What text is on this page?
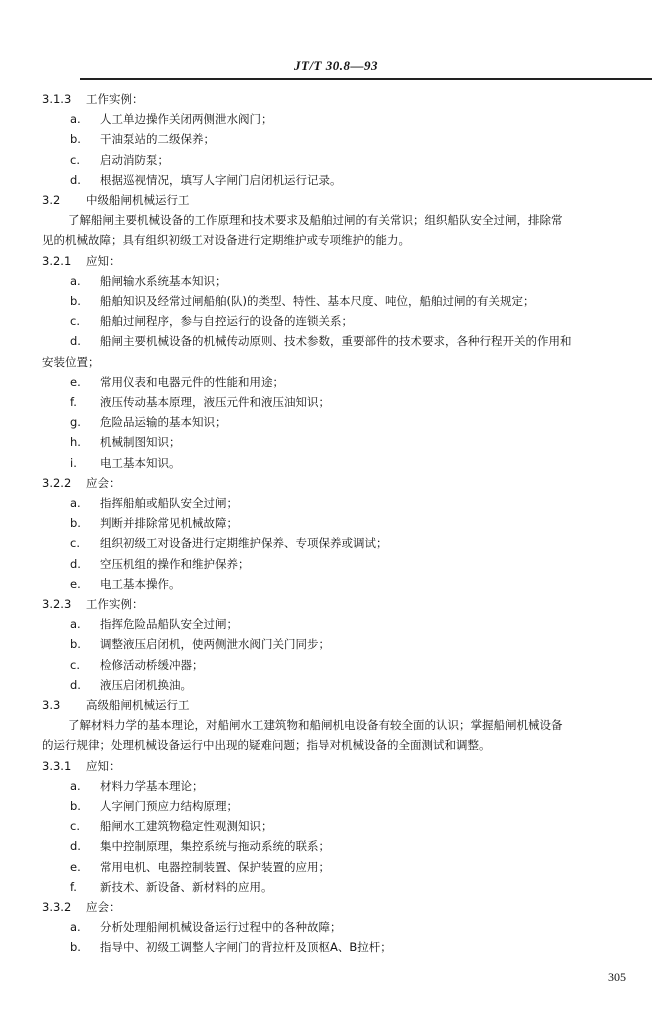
JT/T 30.8—93
3.1.3 工作实例：
a. 人工单边操作关闭两侧泄水阀门；
b. 干油泵站的二级保养；
c. 启动消防泵；
d. 根据巡视情况，填写人字闸门启闭机运行记录。
3.2 中级船闸机械运行工
了解船闸主要机械设备的工作原理和技术要求及船舶过闸的有关常识；组织船队安全过闸，排除常
见的机械故障；具有组织初级工对设备进行定期维护或专项维护的能力。
3.2.1 应知：
a. 船闸输水系统基本知识；
b. 船舶知识及经常过闸船舶(队)的类型、特性、基本尺度、吨位，船舶过闸的有关规定；
c. 船舶过闸程序，参与自控运行的设备的连锁关系；
d. 船闸主要机械设备的机械传动原则、技术参数，重要部件的技术要求，各种行程开关的作用和
安装位置；
e. 常用仪表和电器元件的性能和用途；
f. 液压传动基本原理，液压元件和液压油知识；
g. 危险品运输的基本知识；
h. 机械制图知识；
i. 电工基本知识。
3.2.2 应会：
a. 指挥船舶或船队安全过闸；
b. 判断并排除常见机械故障；
c. 组织初级工对设备进行定期维护保养、专项保养或调试；
d. 空压机组的操作和维护保养；
e. 电工基本操作。
3.2.3 工作实例：
a. 指挥危险品船队安全过闸；
b. 调整液压启闭机，使两侧泄水阀门关门同步；
c. 检修活动桥缓冲器；
d. 液压启闭机换油。
3.3 高级船闸机械运行工
了解材料力学的基本理论，对船闸水工建筑物和船闸机电设备有较全面的认识；掌握船闸机械设备
的运行规律；处理机械设备运行中出现的疑难问题；指导对机械设备的全面测试和调整。
3.3.1 应知：
a. 材料力学基本理论；
b. 人字闸门预应力结构原理；
c. 船闸水工建筑物稳定性观测知识；
d. 集中控制原理，集控系统与拖动系统的联系；
e. 常用电机、电器控制装置、保护装置的应用；
f. 新技术、新设备、新材料的应用。
3.3.2 应会：
a. 分析处理船闸机械设备运行过程中的各种故障；
b. 指导中、初级工调整人字闸门的背拉杆及顶枢A、B拉杆；
305
